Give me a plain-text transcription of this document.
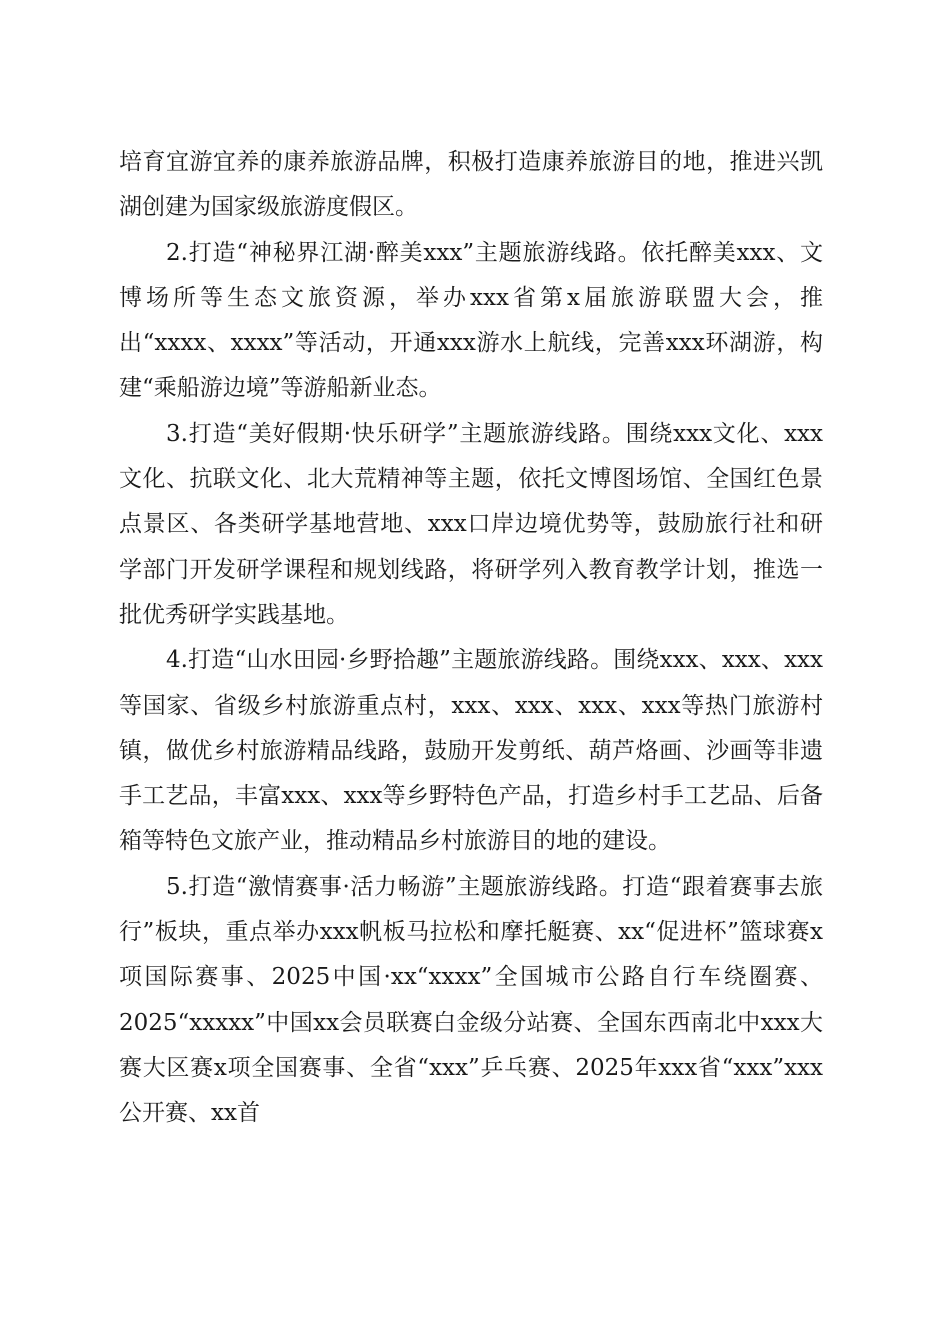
培育宜游宜养的康养旅游品牌，积极打造康养旅游目的地，推进兴凯湖创建为国家级旅游度假区。

2.打造“神秘界江湖·醉美xxx”主题旅游线路。依托醉美xxx、文博场所等生态文旅资源，举办xxx省第x届旅游联盟大会，推出“xxxx、xxxx”等活动，开通xxx游水上航线，完善xxx环湖游，构建“乘船游边境”等游船新业态。

3.打造“美好假期·快乐研学”主题旅游线路。围绕xxx文化、xxx文化、抗联文化、北大荒精神等主题，依托文博图场馆、全国红色景点景区、各类研学基地营地、xxx口岸边境优势等，鼓励旅行社和研学部门开发研学课程和规划线路，将研学列入教育教学计划，推选一批优秀研学实践基地。

4.打造“山水田园·乡野拾趣”主题旅游线路。围绕xxx、xxx、xxx等国家、省级乡村旅游重点村，xxx、xxx、xxx、xxx等热门旅游村镇，做优乡村旅游精品线路，鼓励开发剪纸、葫芦烙画、沙画等非遗手工艺品，丰富xxx、xxx等乡野特色产品，打造乡村手工艺品、后备箱等特色文旅产业，推动精品乡村旅游目的地的建设。

5.打造“激情赛事·活力畅游”主题旅游线路。打造“跟着赛事去旅行”板块，重点举办xxx帆板马拉松和摩托艇赛、xx“促进杯”篮球赛x项国际赛事、2025中国·xx“xxxx”全国城市公路自行车绕圈赛、2025“xxxxx”中国xx会员联赛白金级分站赛、全国东西南北中xxx大赛大区赛x项全国赛事、全省“xxx”乒乓赛、2025年xxx省“xxx”xxx公开赛、xx首
